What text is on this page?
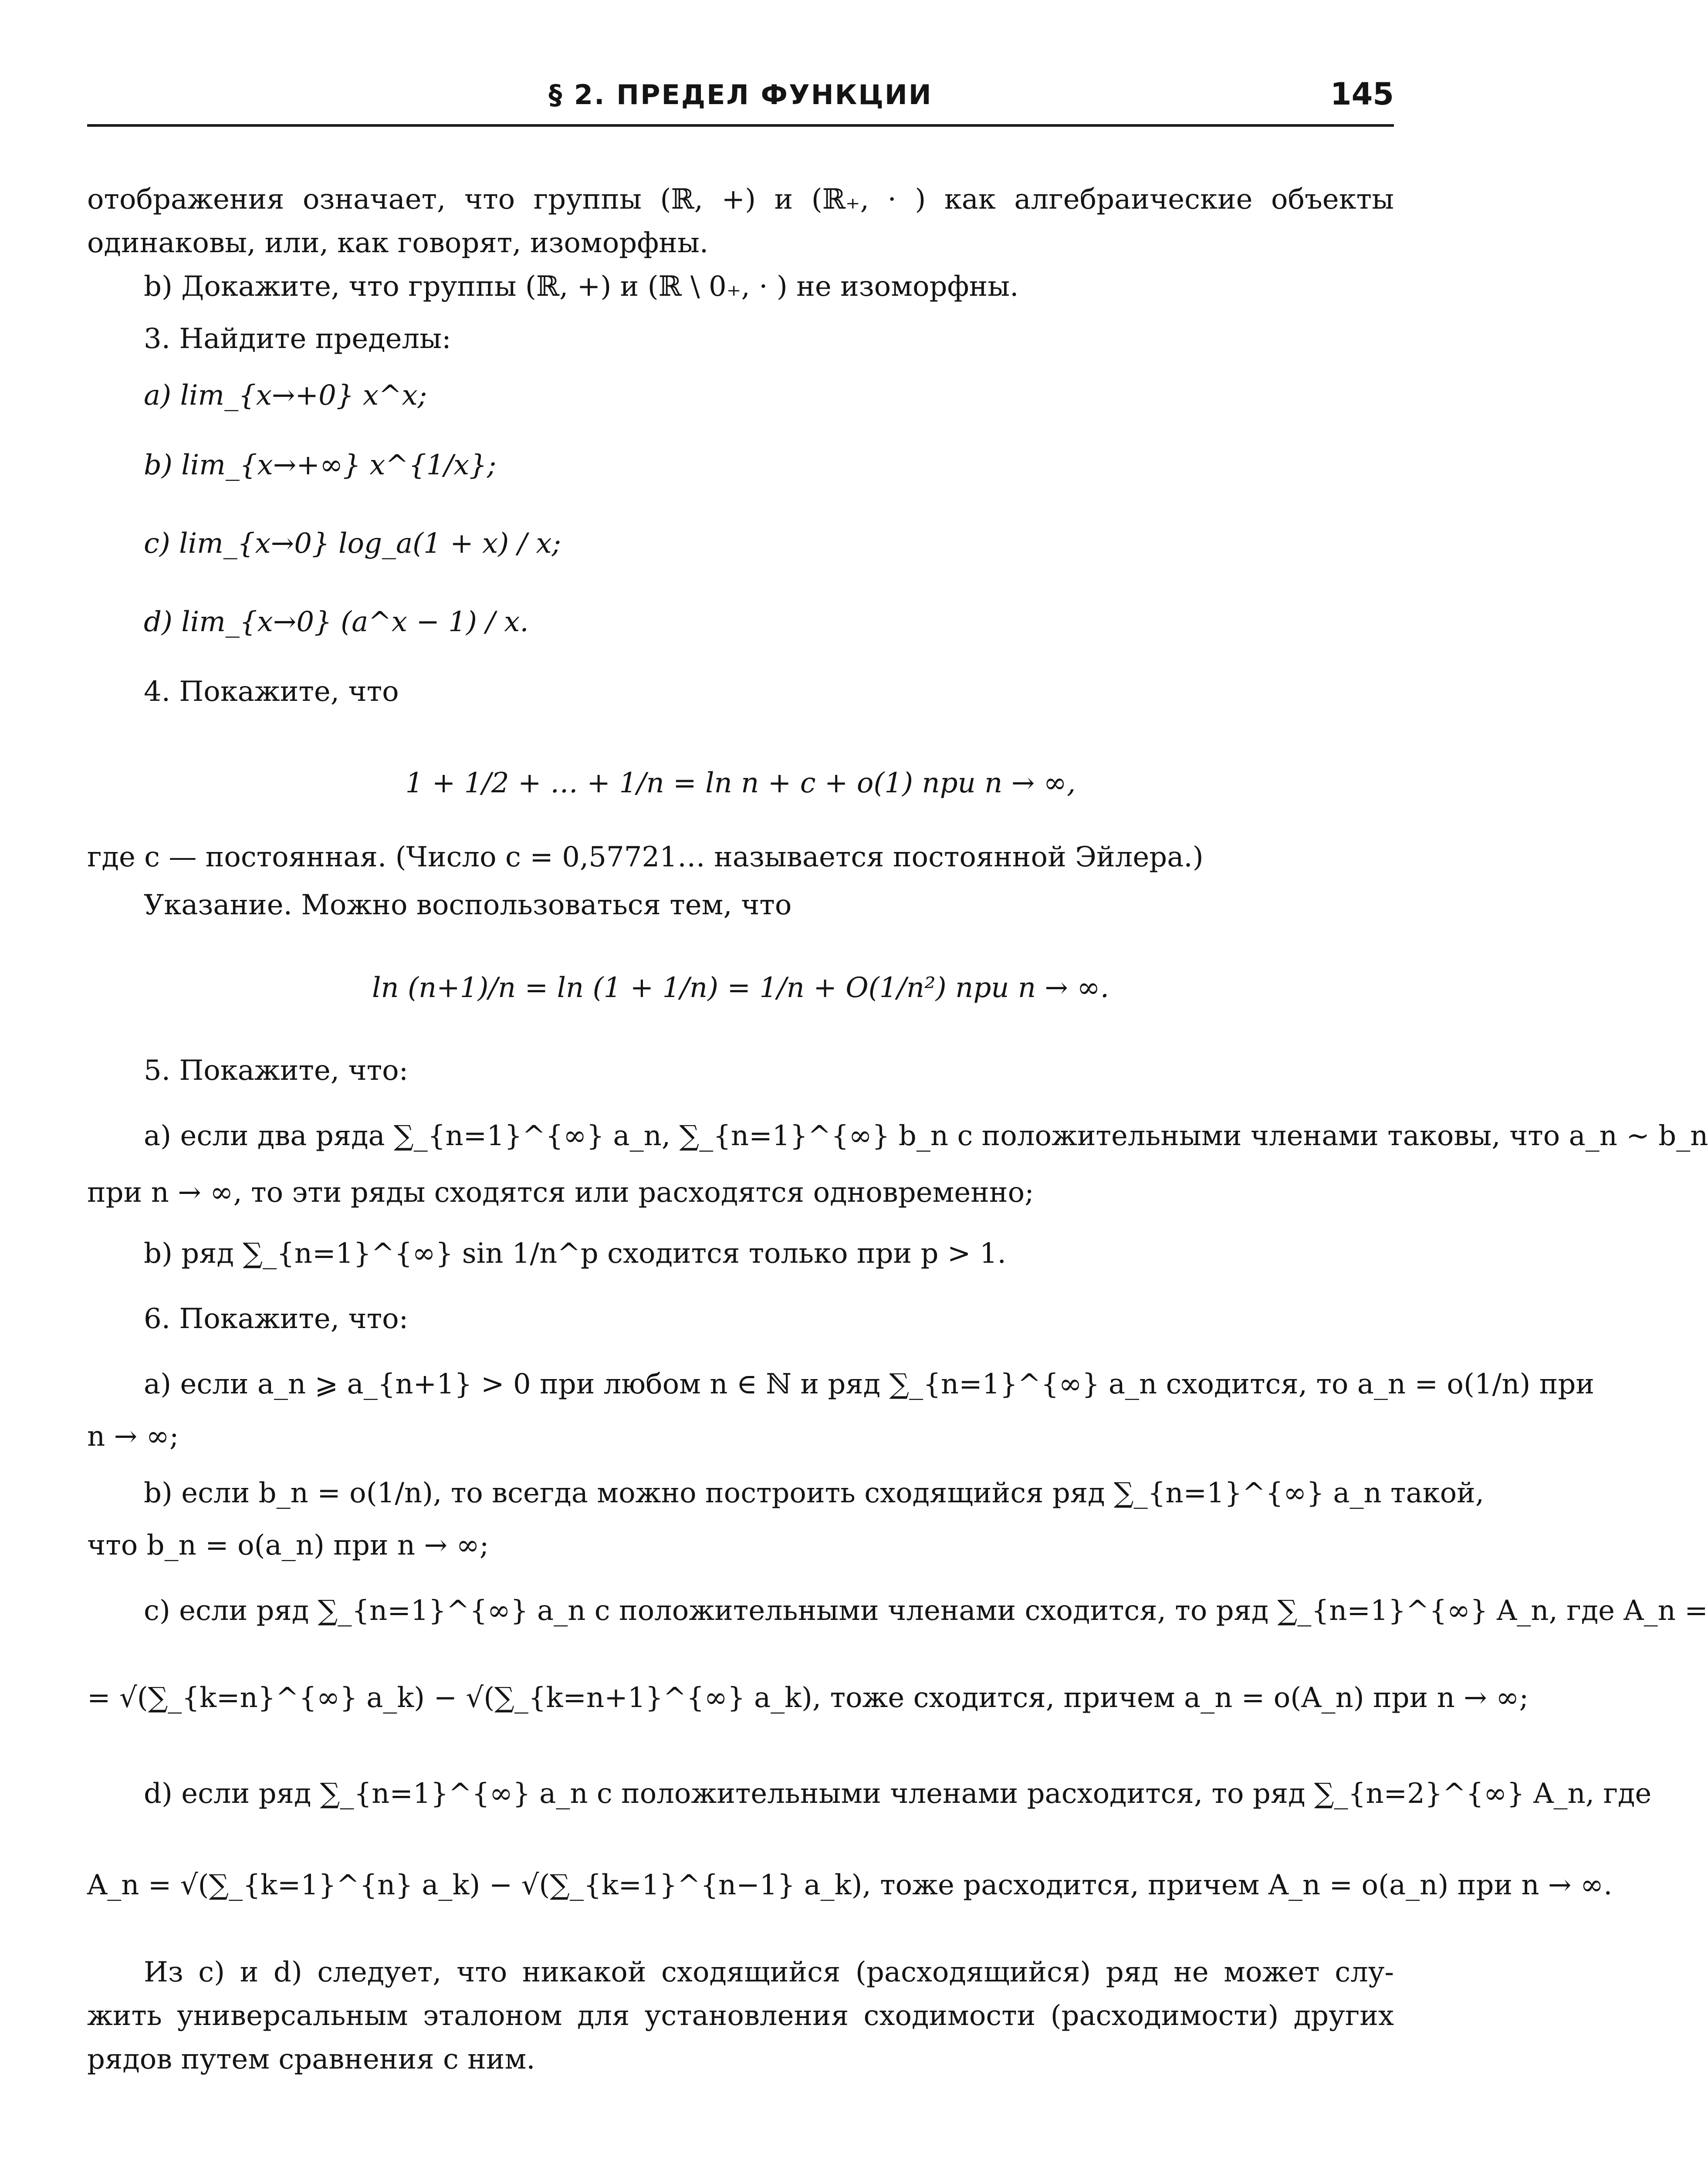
§ 2. ПРЕДЕЛ ФУНКЦИИ	145
отображения означает, что группы (ℝ, +) и (ℝ₊, · ) как алгебраические объекты
одинаковы, или, как говорят, изоморфны.
b) Докажите, что группы (ℝ, +) и (ℝ \ 0₊, · ) не изоморфны.
3. Найдите пределы:
a) lim_{x→+0} x^x;
b) lim_{x→+∞} x^{1/x};
c) lim_{x→0} log_a(1 + x) / x;
d) lim_{x→0} (a^x − 1) / x.
4. Покажите, что
1 + 1/2 + … + 1/n = ln n + c + o(1) при n → ∞,
где c — постоянная. (Число c = 0,57721… называется постоянной Эйлера.)
Указание. Можно воспользоваться тем, что
ln (n+1)/n = ln (1 + 1/n) = 1/n + O(1/n²) при n → ∞.
5. Покажите, что:
a) если два ряда ∑_{n=1}^{∞} a_n, ∑_{n=1}^{∞} b_n с положительными членами таковы, что a_n ∼ b_n
при n → ∞, то эти ряды сходятся или расходятся одновременно;
b) ряд ∑_{n=1}^{∞} sin 1/n^p сходится только при p > 1.
6. Покажите, что:
a) если a_n ⩾ a_{n+1} > 0 при любом n ∈ ℕ и ряд ∑_{n=1}^{∞} a_n сходится, то a_n = o(1/n) при
n → ∞;
b) если b_n = o(1/n), то всегда можно построить сходящийся ряд ∑_{n=1}^{∞} a_n такой,
что b_n = o(a_n) при n → ∞;
c) если ряд ∑_{n=1}^{∞} a_n с положительными членами сходится, то ряд ∑_{n=1}^{∞} A_n, где A_n =
= √(∑_{k=n}^{∞} a_k) − √(∑_{k=n+1}^{∞} a_k), тоже сходится, причем a_n = o(A_n) при n → ∞;
d) если ряд ∑_{n=1}^{∞} a_n с положительными членами расходится, то ряд ∑_{n=2}^{∞} A_n, где
A_n = √(∑_{k=1}^{n} a_k) − √(∑_{k=1}^{n−1} a_k), тоже расходится, причем A_n = o(a_n) при n → ∞.
Из c) и d) следует, что никакой сходящийся (расходящийся) ряд не может слу-
жить универсальным эталоном для установления сходимости (расходимости) других
рядов путем сравнения с ним.
